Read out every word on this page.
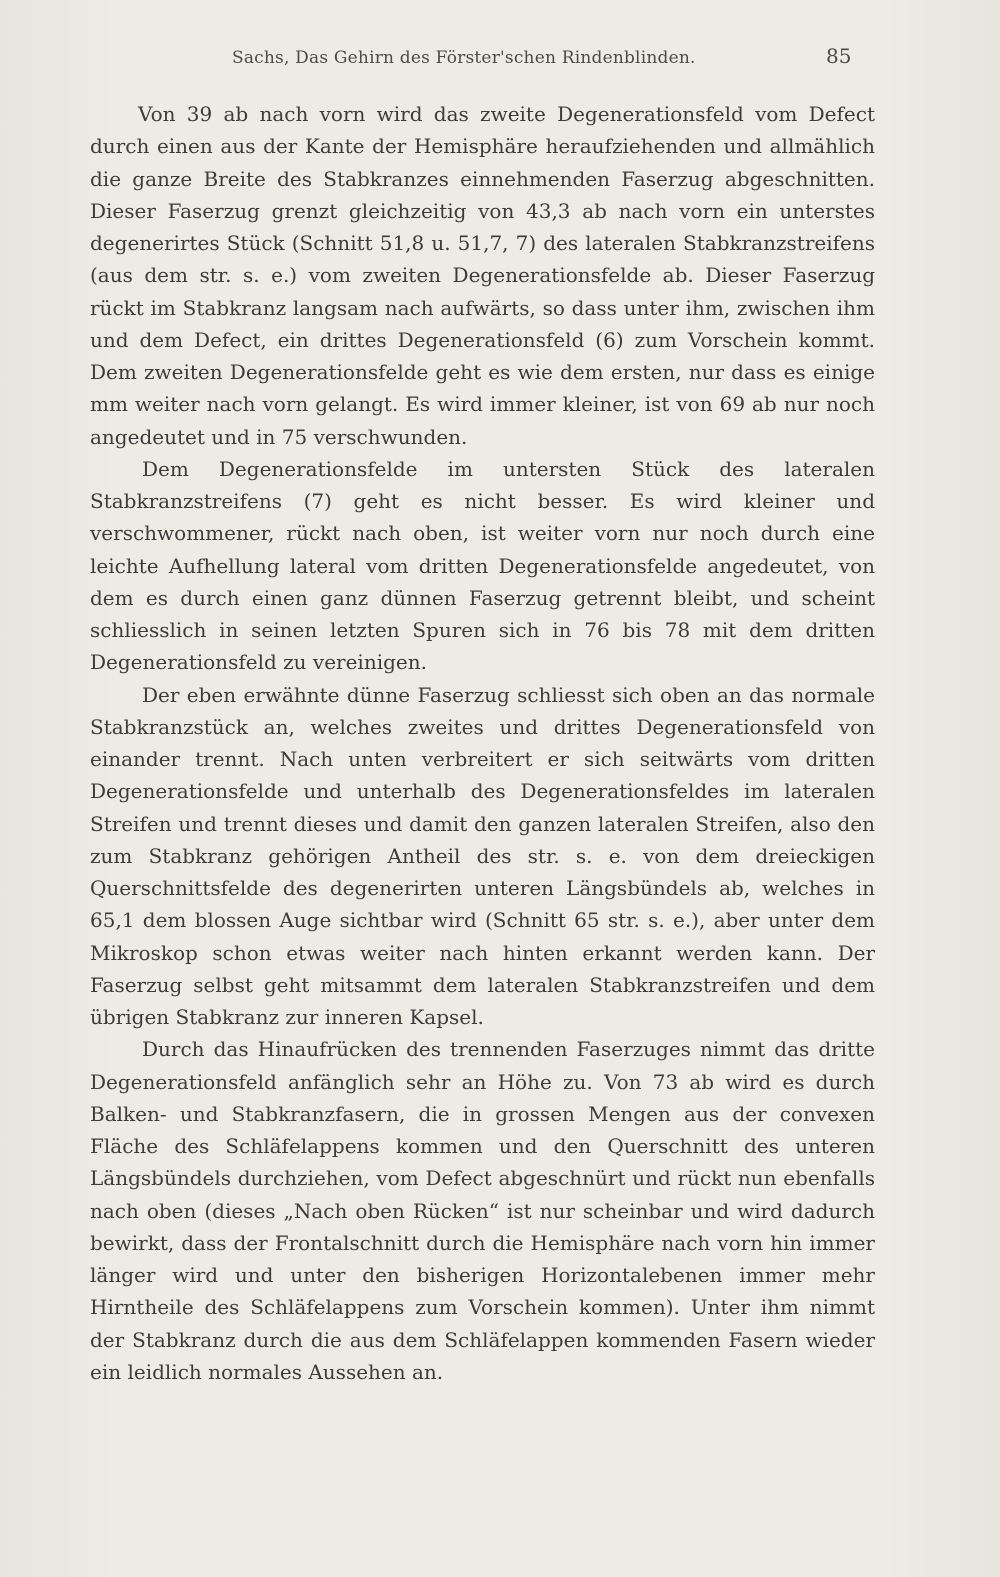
Sachs, Das Gehirn des Förster'schen Rindenblinden.	85

Von 39 ab nach vorn wird das zweite Degenerationsfeld vom Defect durch einen aus der Kante der Hemisphäre heraufziehenden und allmählich die ganze Breite des Stabkranzes einnehmenden Faserzug abgeschnitten. Dieser Faserzug grenzt gleichzeitig von 43,3 ab nach vorn ein unterstes degenerirtes Stück (Schnitt 51,8 u. 51,7, 7) des lateralen Stabkranzstreifens (aus dem str. s. e.) vom zweiten Degenerationsfelde ab. Dieser Faserzug rückt im Stabkranz langsam nach aufwärts, so dass unter ihm, zwischen ihm und dem Defect, ein drittes Degenerationsfeld (6) zum Vorschein kommt. Dem zweiten Degenerationsfelde geht es wie dem ersten, nur dass es einige mm weiter nach vorn gelangt. Es wird immer kleiner, ist von 69 ab nur noch angedeutet und in 75 verschwunden.

Dem Degenerationsfelde im untersten Stück des lateralen Stabkranzstreifens (7) geht es nicht besser. Es wird kleiner und verschwommener, rückt nach oben, ist weiter vorn nur noch durch eine leichte Aufhellung lateral vom dritten Degenerationsfelde angedeutet, von dem es durch einen ganz dünnen Faserzug getrennt bleibt, und scheint schliesslich in seinen letzten Spuren sich in 76 bis 78 mit dem dritten Degenerationsfeld zu vereinigen.

Der eben erwähnte dünne Faserzug schliesst sich oben an das normale Stabkranzstück an, welches zweites und drittes Degenerationsfeld von einander trennt. Nach unten verbreitert er sich seitwärts vom dritten Degenerationsfelde und unterhalb des Degenerationsfeldes im lateralen Streifen und trennt dieses und damit den ganzen lateralen Streifen, also den zum Stabkranz gehörigen Antheil des str. s. e. von dem dreieckigen Querschnittsfelde des degenerirten unteren Längsbündels ab, welches in 65,1 dem blossen Auge sichtbar wird (Schnitt 65 str. s. e.), aber unter dem Mikroskop schon etwas weiter nach hinten erkannt werden kann. Der Faserzug selbst geht mitsammt dem lateralen Stabkranzstreifen und dem übrigen Stabkranz zur inneren Kapsel.

Durch das Hinaufrücken des trennenden Faserzuges nimmt das dritte Degenerationsfeld anfänglich sehr an Höhe zu. Von 73 ab wird es durch Balken- und Stabkranzfasern, die in grossen Mengen aus der convexen Fläche des Schläfelappens kommen und den Querschnitt des unteren Längsbündels durchziehen, vom Defect abgeschnürt und rückt nun ebenfalls nach oben (dieses „Nach oben Rücken“ ist nur scheinbar und wird dadurch bewirkt, dass der Frontalschnitt durch die Hemisphäre nach vorn hin immer länger wird und unter den bisherigen Horizontalebenen immer mehr Hirntheile des Schläfelappens zum Vorschein kommen). Unter ihm nimmt der Stabkranz durch die aus dem Schläfelappen kommenden Fasern wieder ein leidlich normales Aussehen an.
